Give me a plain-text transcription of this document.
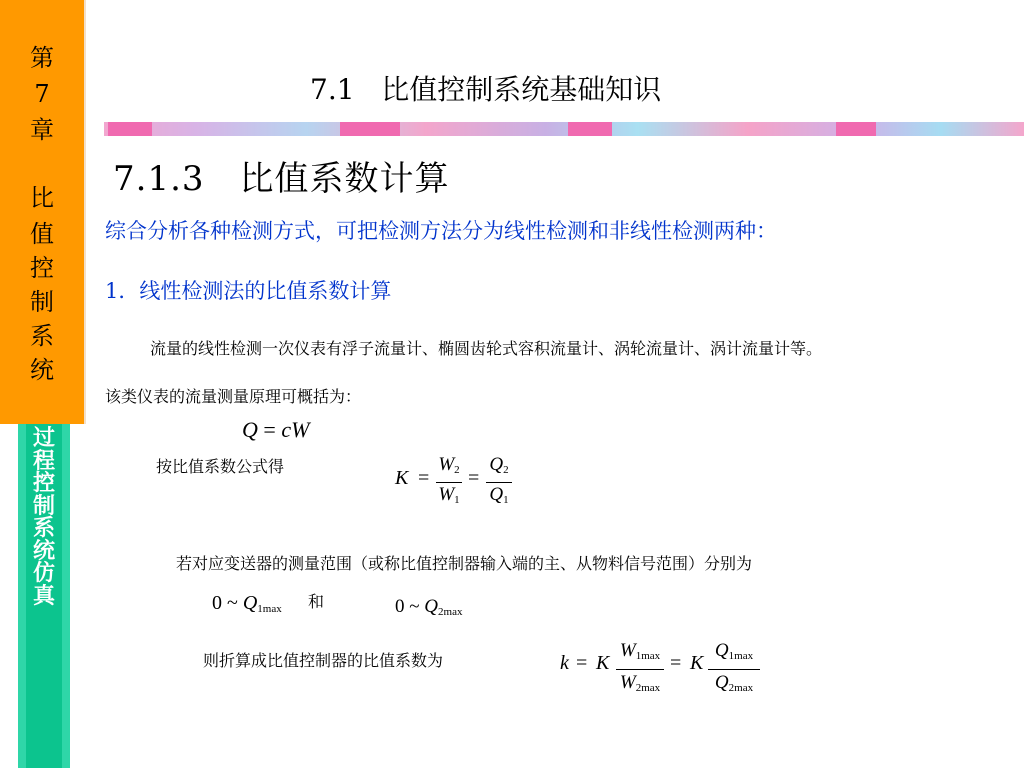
第
7
章
比
值
控
制
系
统
过
程
控
制
系
统
仿
真
7.1   比值控制系统基础知识
7.1.3　比值系数计算
综合分析各种检测方式，可把检测方法分为线性检测和非线性检测两种：
1．线性检测法的比值系数计算
流量的线性检测一次仪表有浮子流量计、椭圆齿轮式容积流量计、涡轮流量计、涡计流量计等。
该类仪表的流量测量原理可概括为：
Q = cW
按比值系数公式得
$K = \frac{W_2}{W_1} = \frac{Q_2}{Q_1}$
若对应变送器的测量范围（或称比值控制器输入端的主、从物料信号范围）分别为
0 ~ $Q_{1max}$ 和	0 ~ $Q_{2max}$
则折算成比值控制器的比值系数为	k = K
$W_{1max}$
$W_{2max}$
= K
$Q_{1max}$
$Q_{2max}$
